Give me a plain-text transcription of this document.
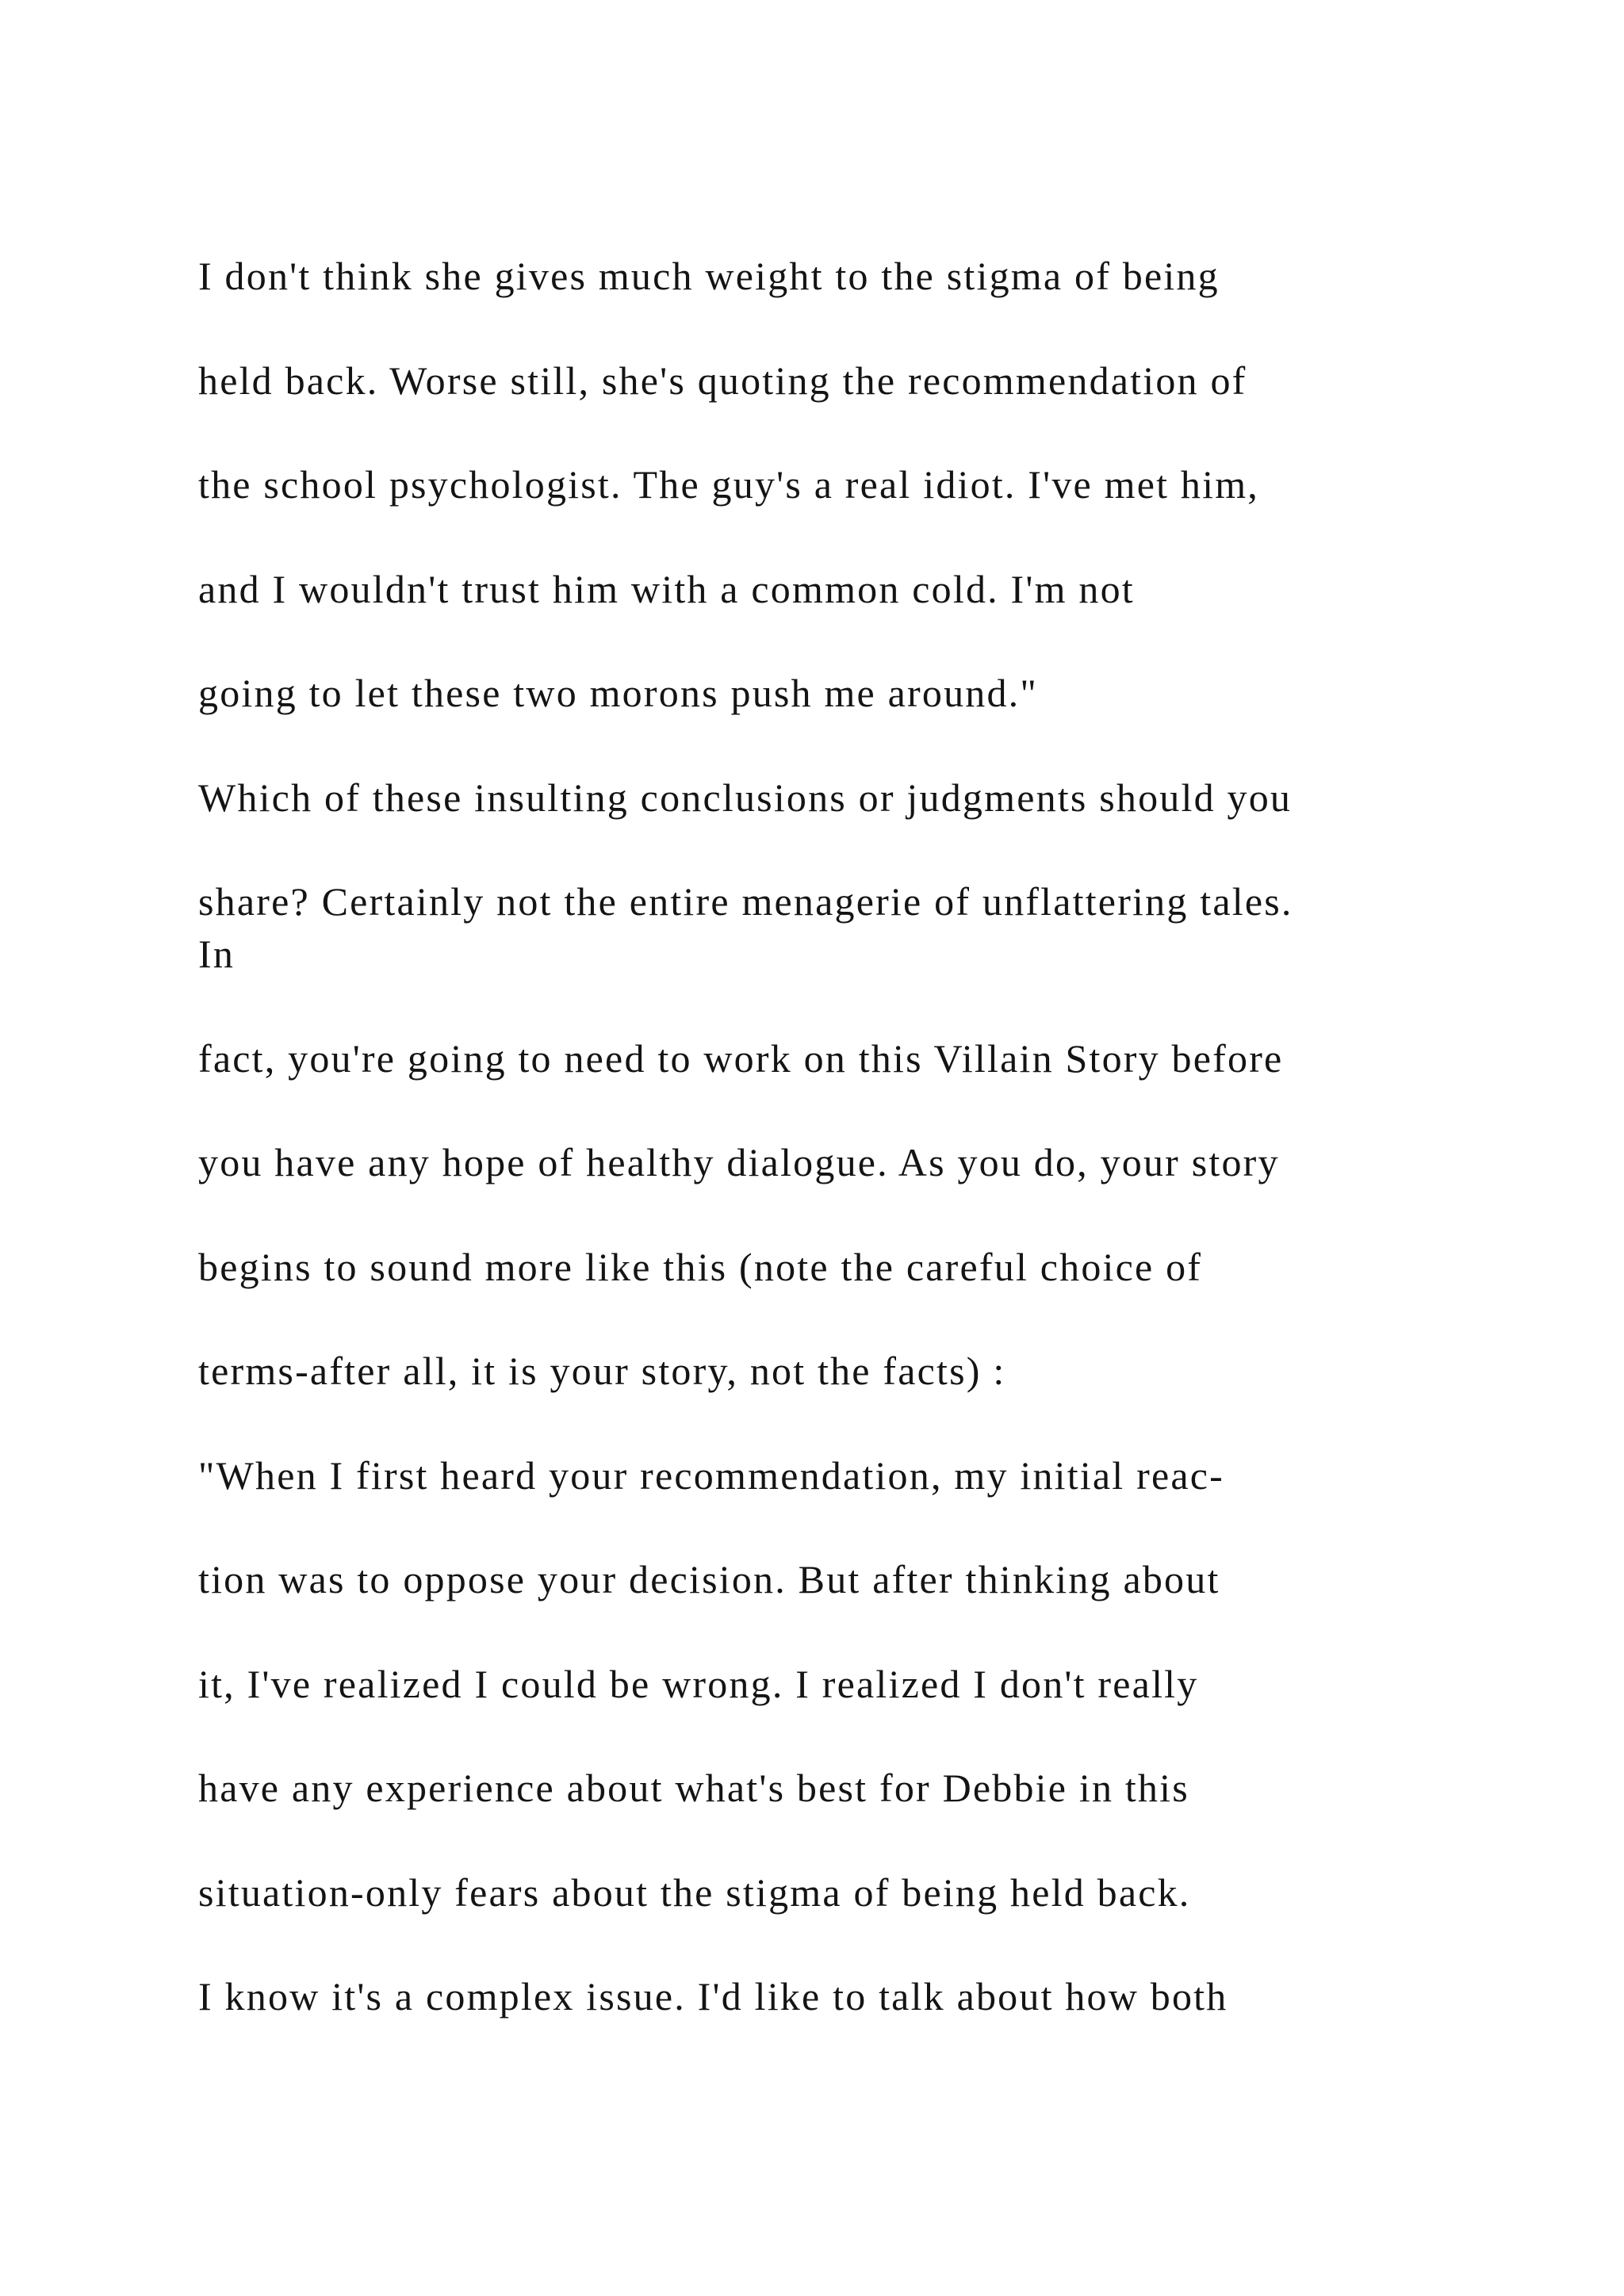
I don't think she gives much weight to the stigma of being

held back. Worse still, she's quoting the recommendation of

the school psychologist. The guy's a real idiot. I've met him,

and I wouldn't trust him with a common cold. I'm not

going to let these two morons push me around."

Which of these insulting conclusions or judgments should you

share? Certainly not the entire menagerie of unflattering tales.

In

fact, you're going to need to work on this Villain Story before

you have any hope of healthy dialogue. As you do, your story

begins to sound more like this (note the careful choice of

terms-after all, it is your story, not the facts) :

"When I first heard your recommendation, my initial reac-

tion was to oppose your decision. But after thinking about

it, I've realized I could be wrong. I realized I don't really

have any experience about what's best for Debbie in this

situation-only fears about the stigma of being held back.

I know it's a complex issue. I'd like to talk about how both
